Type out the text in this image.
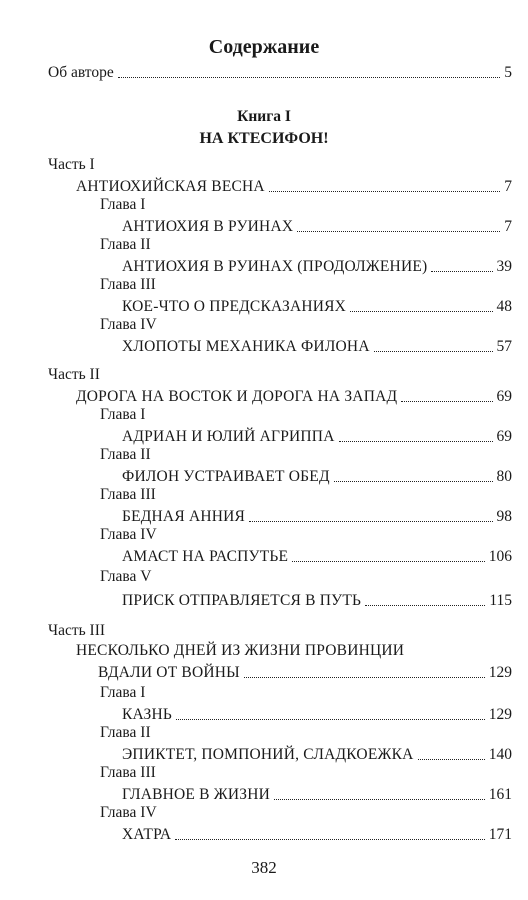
Содержание
Об авторе	5
Книга I
НА КТЕСИФОН!
Часть I
АНТИОХИЙСКАЯ ВЕСНА	7
Глава I
АНТИОХИЯ В РУИНАХ	7
Глава II
АНТИОХИЯ В РУИНАХ (ПРОДОЛЖЕНИЕ)	39
Глава III
КОЕ-ЧТО О ПРЕДСКАЗАНИЯХ	48
Глава IV
ХЛОПОТЫ МЕХАНИКА ФИЛОНА	57
Часть II
ДОРОГА НА ВОСТОК И ДОРОГА НА ЗАПАД	69
Глава I
АДРИАН И ЮЛИЙ АГРИППА	69
Глава II
ФИЛОН УСТРАИВАЕТ ОБЕД	80
Глава III
БЕДНАЯ АННИЯ	98
Глава IV
АМАСТ НА РАСПУТЬЕ	106
Глава V
ПРИСК ОТПРАВЛЯЕТСЯ В ПУТЬ	115
Часть III
НЕСКОЛЬКО ДНЕЙ ИЗ ЖИЗНИ ПРОВИНЦИИ
ВДАЛИ ОТ ВОЙНЫ	129
Глава I
КАЗНЬ	129
Глава II
ЭПИКТЕТ, ПОМПОНИЙ, СЛАДКОЕЖКА	140
Глава III
ГЛАВНОЕ В ЖИЗНИ	161
Глава IV
ХАТРА	171
382
